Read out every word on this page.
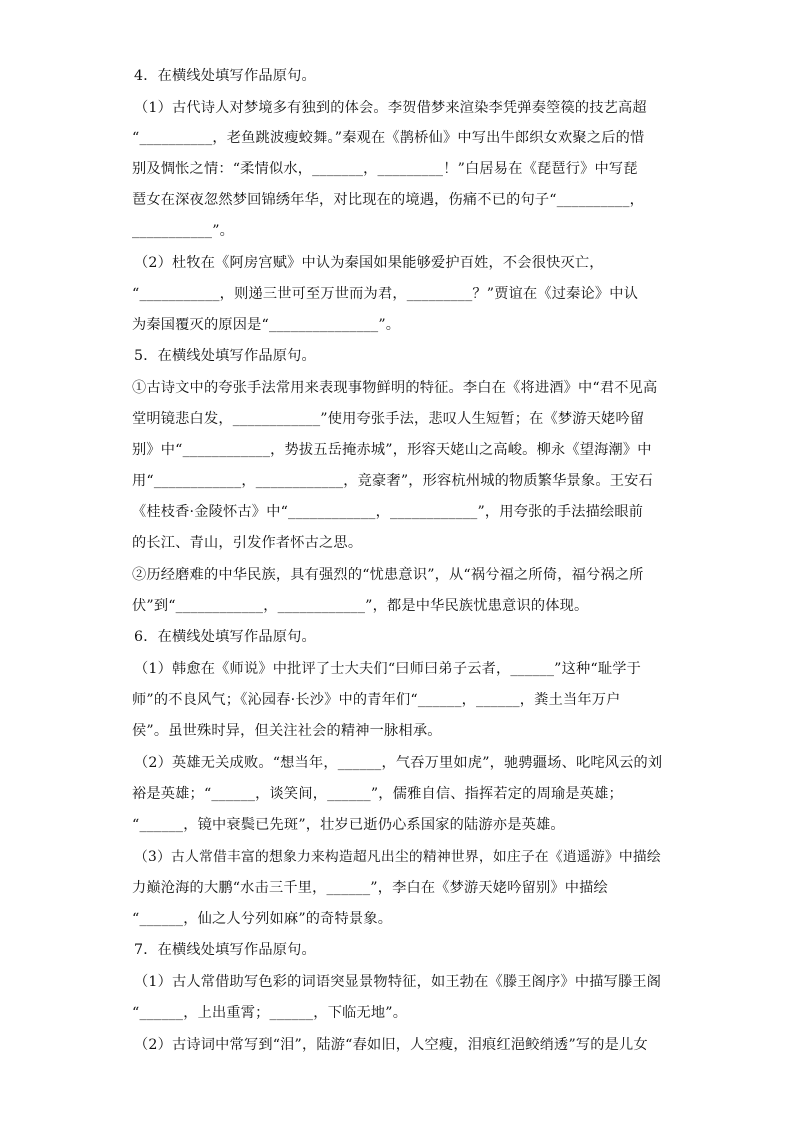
4．在横线处填写作品原句。
（1）古代诗人对梦境多有独到的体会。李贺借梦来渲染李凭弹奏箜篌的技艺高超
“__________，老鱼跳波瘦蛟舞。”秦观在《鹊桥仙》中写出牛郎织女欢聚之后的惜
别及惆怅之情：“柔情似水，_______，_________！”白居易在《琵琶行》中写琵
琶女在深夜忽然梦回锦绣年华，对比现在的境遇，伤痛不已的句子“__________，
___________”。
（2）杜牧在《阿房宫赋》中认为秦国如果能够爱护百姓，不会很快灭亡，
“___________，则递三世可至万世而为君，_________？”贾谊在《过秦论》中认
为秦国覆灭的原因是“_______________”。
5．在横线处填写作品原句。
①古诗文中的夸张手法常用来表现事物鲜明的特征。李白在《将进酒》中“君不见高
堂明镜悲白发，____________”使用夸张手法，悲叹人生短暂；在《梦游天姥吟留
别》中“____________，势拔五岳掩赤城”，形容天姥山之高峻。柳永《望海潮》中
用“____________，____________，竞豪奢”，形容杭州城的物质繁华景象。王安石
《桂枝香·金陵怀古》中“____________，____________”，用夸张的手法描绘眼前
的长江、青山，引发作者怀古之思。
②历经磨难的中华民族，具有强烈的“忧患意识”，从“祸兮福之所倚，福兮祸之所
伏”到“____________，____________”，都是中华民族忧患意识的体现。
6．在横线处填写作品原句。
（1）韩愈在《师说》中批评了士大夫们“曰师曰弟子云者，______”这种“耻学于
师”的不良风气；《沁园春·长沙》中的青年们“______，______，粪土当年万户
侯”。虽世殊时异，但关注社会的精神一脉相承。
（2）英雄无关成败。“想当年，______，气吞万里如虎”，驰骋疆场、叱咤风云的刘
裕是英雄；“______，谈笑间，______”，儒雅自信、指挥若定的周瑜是英雄；
“______，镜中衰鬓已先斑”，壮岁已逝仍心系国家的陆游亦是英雄。
（3）古人常借丰富的想象力来构造超凡出尘的精神世界，如庄子在《逍遥游》中描绘
力巅沧海的大鹏“水击三千里，______”，李白在《梦游天姥吟留别》中描绘
“______，仙之人兮列如麻”的奇特景象。
7．在横线处填写作品原句。
（1）古人常借助写色彩的词语突显景物特征，如王勃在《滕王阁序》中描写滕王阁
“______，上出重霄；______，下临无地”。
（2）古诗词中常写到“泪”，陆游“春如旧，人空瘦，泪痕红浥鲛绡透”写的是儿女
